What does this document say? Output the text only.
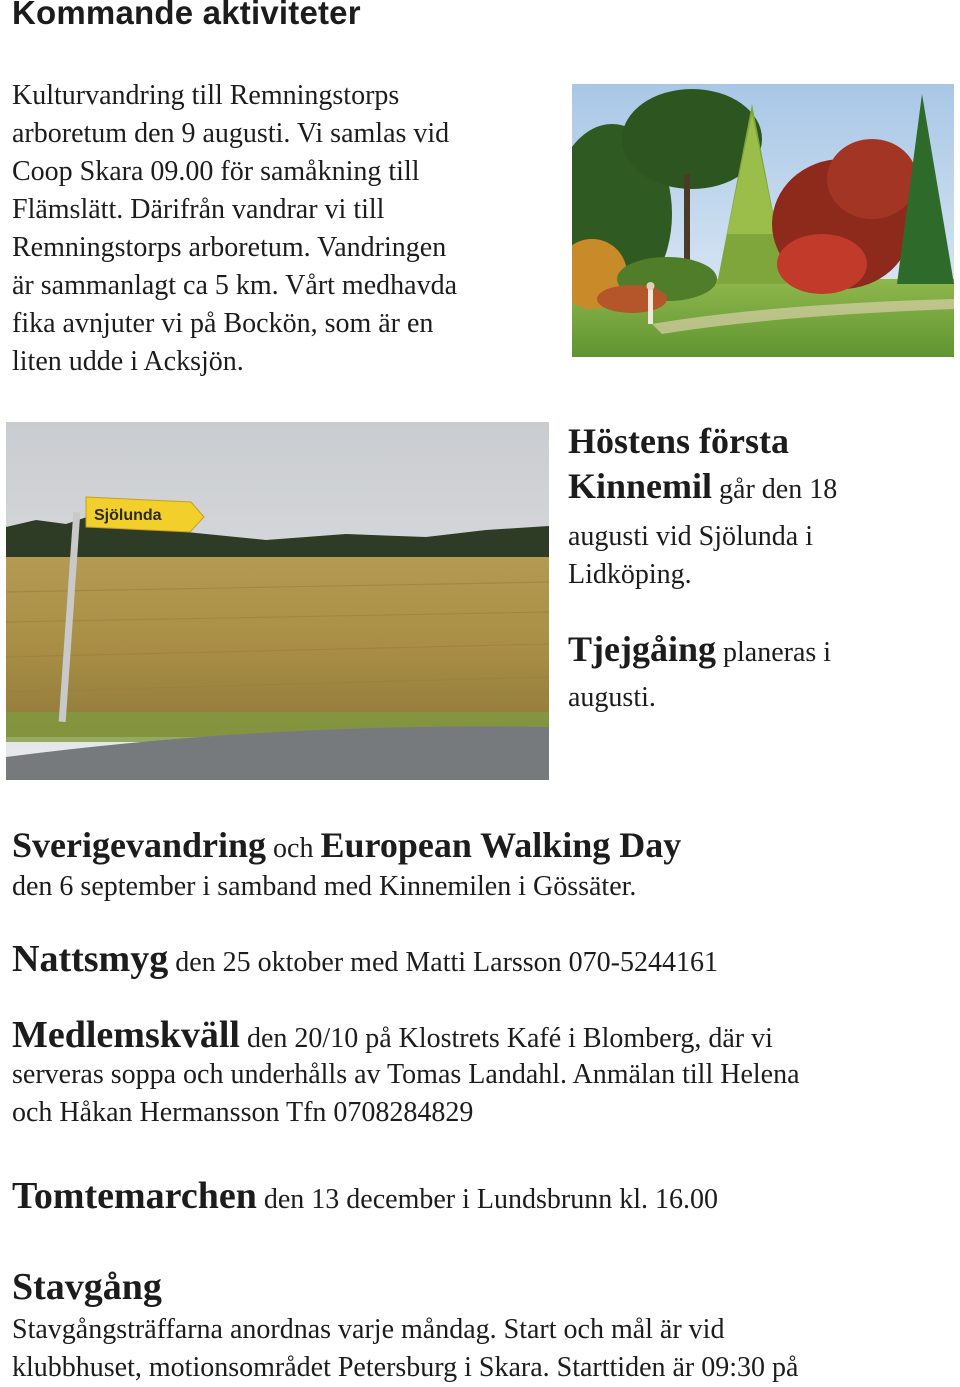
Kommande aktiviteter
Kulturvandring till Remningstorps
arboretum den 9 augusti. Vi samlas vid
Coop Skara 09.00 för samåkning till
Flämslätt. Därifrån vandrar vi till
Remningstorps arboretum. Vandringen
är sammanlagt ca 5 km. Vårt medhavda
fika avnjuter vi på Bockön, som är en
liten udde i Acksjön.
Sjölunda
Höstens första
Kinnemil går den 18
augusti vid Sjölunda i
Lidköping.
Tjejgåing planeras i
augusti.
Sverigevandring och European Walking Day
den 6 september i samband med Kinnemilen i Gössäter.
Nattsmyg den 25 oktober med Matti Larsson 070-5244161
Medlemskväll den 20/10 på Klostrets Kafé i Blomberg, där vi
serveras soppa och underhålls av Tomas Landahl. Anmälan till Helena
och Håkan Hermansson Tfn 0708284829
Tomtemarchen den 13 december i Lundsbrunn kl. 16.00
Stavgång
Stavgångsträffarna anordnas varje måndag. Start och mål är vid
klubbhuset, motionsområdet Petersburg i Skara. Starttiden är 09:30 på
